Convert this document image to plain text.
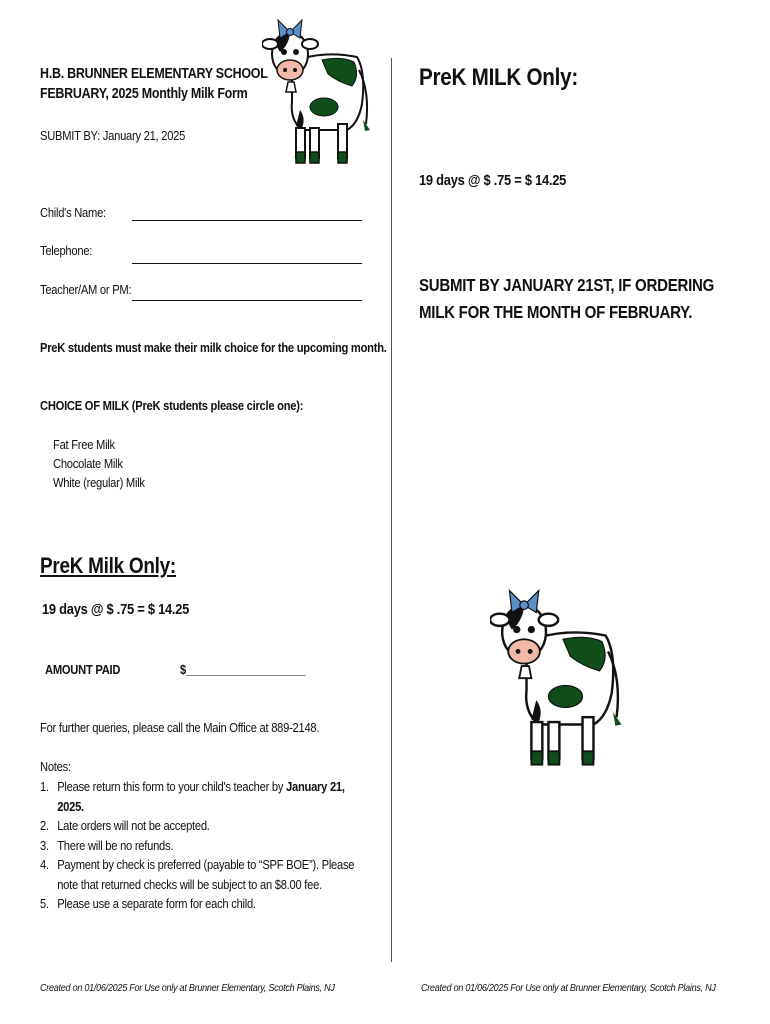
H.B. BRUNNER ELEMENTARY SCHOOL
FEBRUARY, 2025 Monthly Milk Form
SUBMIT BY: January 21, 2025
Child's Name:
Telephone:
Teacher/AM or PM:
PreK students must make their milk choice for the upcoming month.
CHOICE OF MILK (PreK students please circle one):
Fat Free Milk
Chocolate Milk
White (regular) Milk
PreK Milk Only:
19 days @ $ .75 = $ 14.25
AMOUNT PAID	$____________________
For further queries, please call the Main Office at 889-2148.
Notes:
1. Please return this form to your child's teacher by January 21, 2025.
2. Late orders will not be accepted.
3. There will be no refunds.
4. Payment by check is preferred (payable to “SPF BOE”). Please note that returned checks will be subject to an $8.00 fee.
5. Please use a separate form for each child.
Created on 01/06/2025 For Use only at Brunner Elementary, Scotch Plains, NJ
PreK MILK Only:
19 days @ $ .75 = $ 14.25
SUBMIT BY JANUARY 21ST, IF ORDERING MILK FOR THE MONTH OF FEBRUARY.
Created on 01/06/2025 For Use only at Brunner Elementary, Scotch Plains, NJ
